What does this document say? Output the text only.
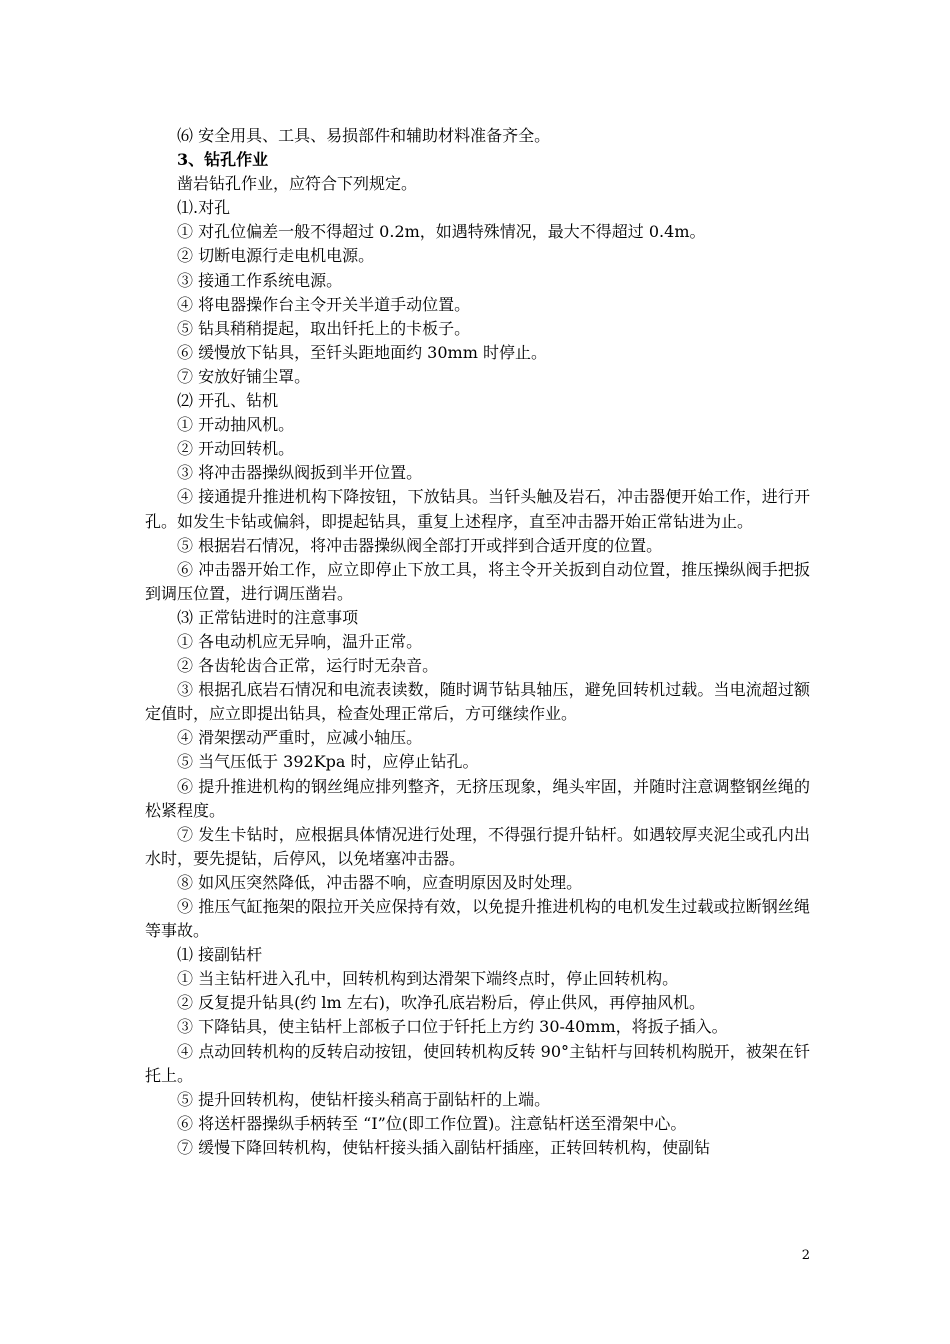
⑹ 安全用具、工具、易损部件和辅助材料准备齐全。

3、钻孔作业

凿岩钻孔作业，应符合下列规定。

⑴.对孔

① 对孔位偏差一般不得超过 0.2m，如遇特殊情况，最大不得超过 0.4m。

② 切断电源行走电机电源。

③ 接通工作系统电源。

④ 将电器操作台主令开关半道手动位置。

⑤ 钻具稍稍提起，取出钎托上的卡板子。

⑥ 缓慢放下钻具，至钎头距地面约 30mm 时停止。

⑦ 安放好铺尘罩。

⑵ 开孔、钻机

① 开动抽风机。

② 开动回转机。

③ 将冲击器操纵阀扳到半开位置。

④ 接通提升推进机构下降按钮，下放钻具。当钎头触及岩石，冲击器便开始工作，进行开孔。如发生卡钻或偏斜，即提起钻具，重复上述程序，直至冲击器开始正常钻进为止。

⑤ 根据岩石情况，将冲击器操纵阀全部打开或拌到合适开度的位置。

⑥ 冲击器开始工作，应立即停止下放工具，将主令开关扳到自动位置，推压操纵阀手把扳到调压位置，进行调压凿岩。

⑶ 正常钻进时的注意事项

① 各电动机应无异响，温升正常。

② 各齿轮齿合正常，运行时无杂音。

③ 根据孔底岩石情况和电流表读数，随时调节钻具轴压，避免回转机过载。当电流超过额定值时，应立即提出钻具，检查处理正常后，方可继续作业。

④ 滑架摆动严重时，应减小轴压。

⑤ 当气压低于 392Kpa 时，应停止钻孔。

⑥ 提升推进机构的钢丝绳应排列整齐，无挤压现象，绳头牢固，并随时注意调整钢丝绳的松紧程度。

⑦ 发生卡钻时，应根据具体情况进行处理，不得强行提升钻杆。如遇较厚夹泥尘或孔内出水时，要先提钻，后停风，以免堵塞冲击器。

⑧ 如风压突然降低，冲击器不响，应查明原因及时处理。

⑨ 推压气缸拖架的限拉开关应保持有效，以免提升推进机构的电机发生过载或拉断钢丝绳等事故。

⑴ 接副钻杆

① 当主钻杆进入孔中，回转机构到达滑架下端终点时，停止回转机构。

② 反复提升钻具(约 lm 左右)，吹净孔底岩粉后，停止供风，再停抽风机。

③ 下降钻具，使主钻杆上部板子口位于钎托上方约 30-40mm，将扳子插入。

④ 点动回转机构的反转启动按钮，使回转机构反转 90°主钻杆与回转机构脱开，被架在钎托上。

⑤ 提升回转机构，使钻杆接头稍高于副钻杆的上端。

⑥ 将送杆器操纵手柄转至 “I”位(即工作位置)。注意钻杆送至滑架中心。

⑦ 缓慢下降回转机构，使钻杆接头插入副钻杆插座，正转回转机构，使副钻

2
